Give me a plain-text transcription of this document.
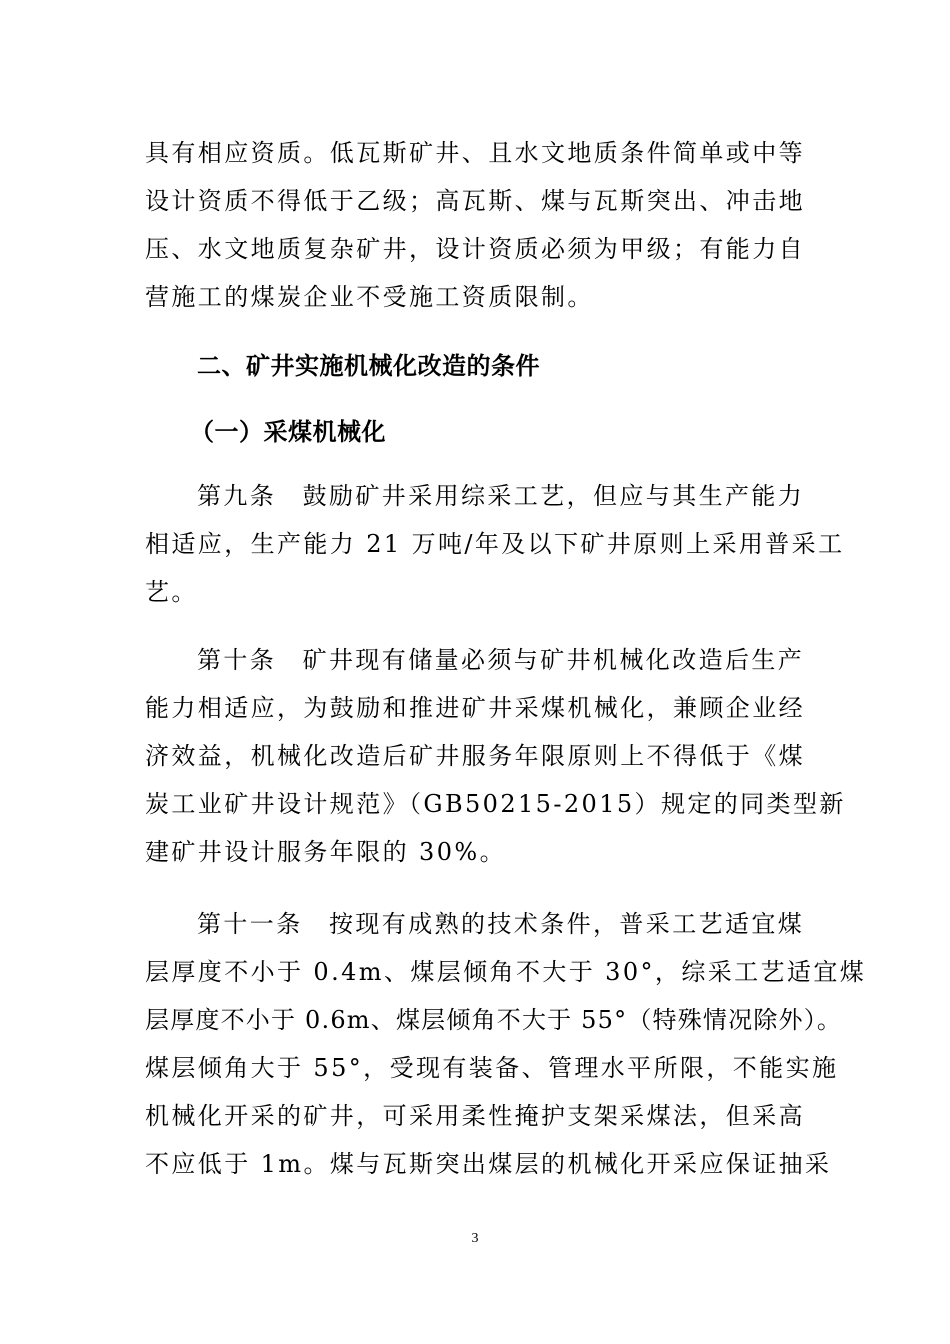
具有相应资质。低瓦斯矿井、且水文地质条件简单或中等
设计资质不得低于乙级；高瓦斯、煤与瓦斯突出、冲击地
压、水文地质复杂矿井，设计资质必须为甲级；有能力自
营施工的煤炭企业不受施工资质限制。
二、矿井实施机械化改造的条件
（一）采煤机械化
第九条　鼓励矿井采用综采工艺，但应与其生产能力
相适应，生产能力 21 万吨/年及以下矿井原则上采用普采工
艺。
第十条　矿井现有储量必须与矿井机械化改造后生产
能力相适应，为鼓励和推进矿井采煤机械化，兼顾企业经
济效益，机械化改造后矿井服务年限原则上不得低于《煤
炭工业矿井设计规范》（GB50215-2015）规定的同类型新
建矿井设计服务年限的 30%。
第十一条　按现有成熟的技术条件，普采工艺适宜煤
层厚度不小于 0.4m、煤层倾角不大于 30°，综采工艺适宜煤
层厚度不小于 0.6m、煤层倾角不大于 55°（特殊情况除外）。
煤层倾角大于 55°，受现有装备、管理水平所限，不能实施
机械化开采的矿井，可采用柔性掩护支架采煤法，但采高
不应低于 1m。煤与瓦斯突出煤层的机械化开采应保证抽采
3
